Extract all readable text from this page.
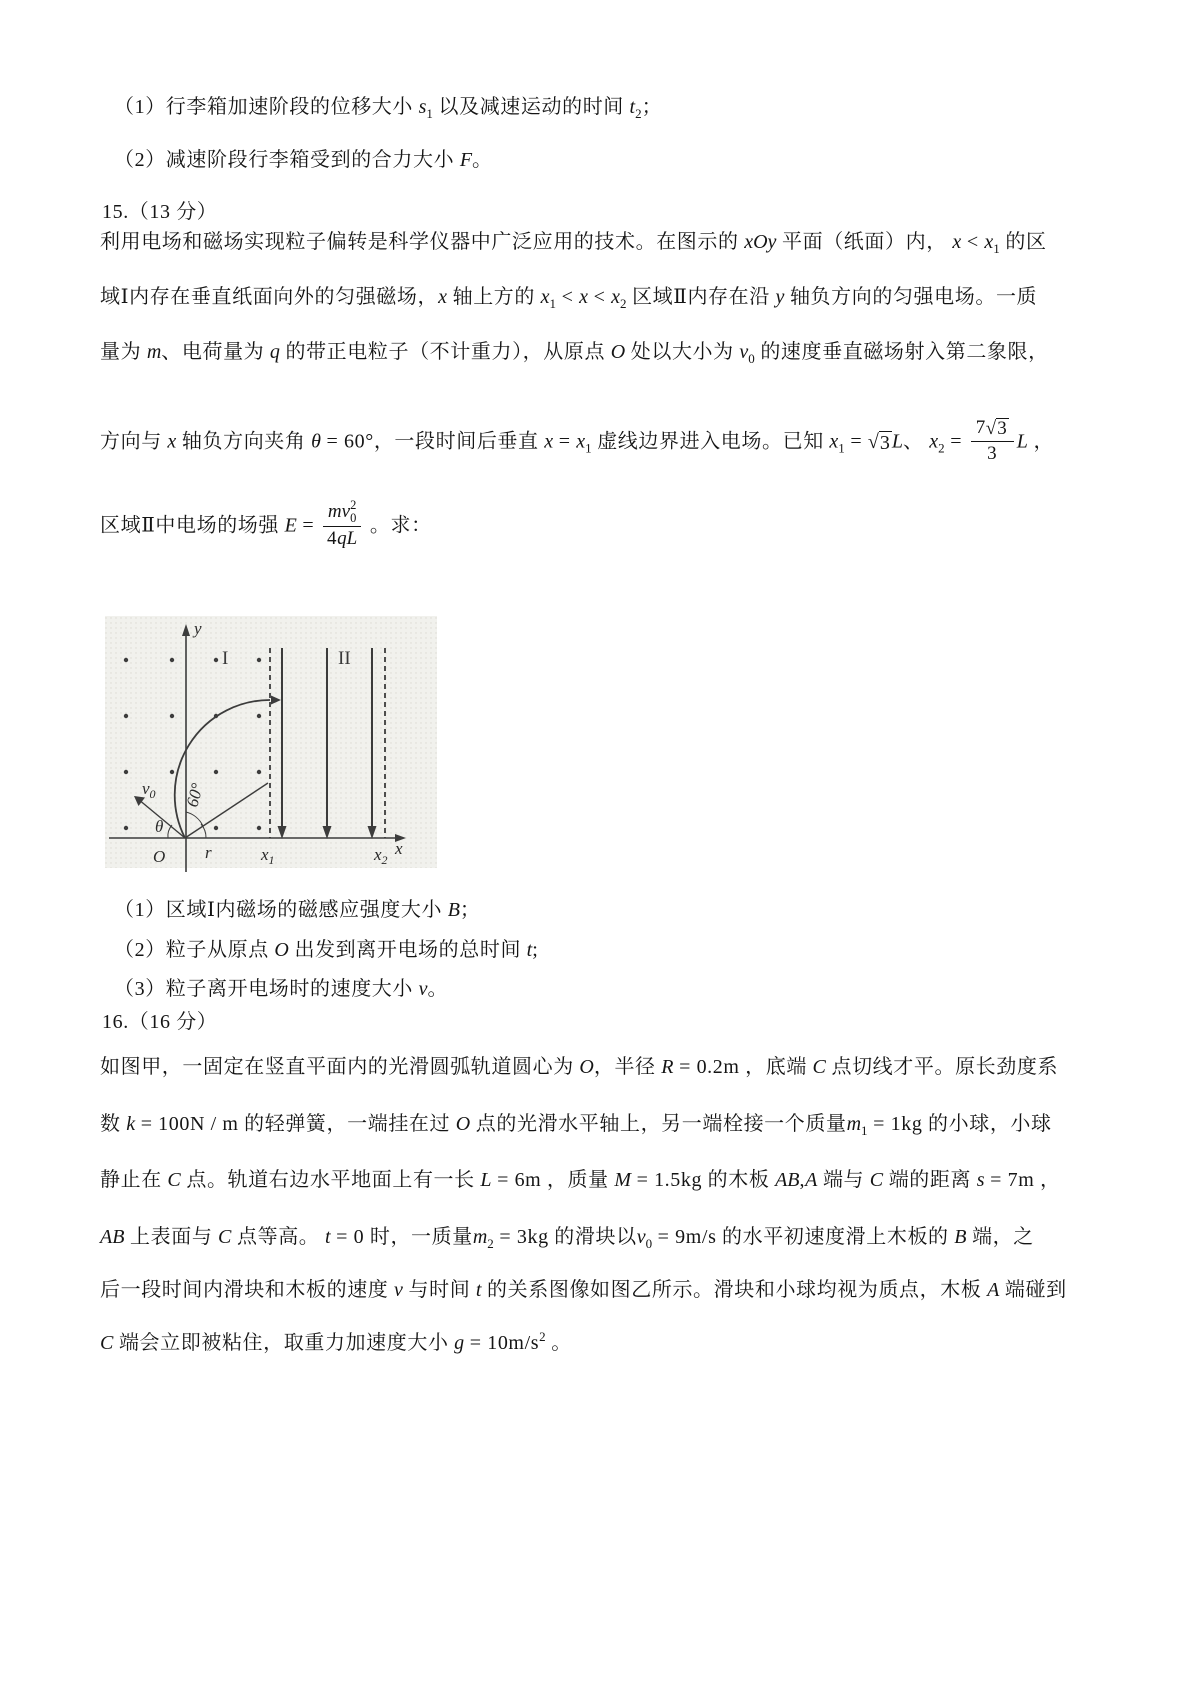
（1）行李箱加速阶段的位移大小 $s_1$ 以及减速运动的时间 $t_2$；
（2）减速阶段行李箱受到的合力大小 F。
15.（13 分）
利用电场和磁场实现粒子偏转是科学仪器中广泛应用的技术。在图示的 xOy 平面（纸面）内， $x < x_1$ 的区
域Ⅰ内存在垂直纸面向外的匀强磁场，x 轴上方的 $x_1 < x < x_2$ 区域Ⅱ内存在沿 y 轴负方向的匀强电场。一质
量为 m、电荷量为 q 的带正电粒子（不计重力），从原点 O 处以大小为 $v_0$ 的速度垂直磁场射入第二象限，
方向与 x 轴负方向夹角 θ = 60°，一段时间后垂直 $x = x_1$ 虚线边界进入电场。已知 $x_1$ = √ 3 L、 $x_2 = \frac{7 √ 3}{3}$ L ，
区域Ⅱ中电场的场强 E = mv 2
0
4qL 。求：
（1）区域Ⅰ内磁场的磁感应强度大小 B；
（2）粒子从原点 O 出发到离开电场的总时间 t;
（3）粒子离开电场时的速度大小 v。
16.（16 分）
如图甲，一固定在竖直平面内的光滑圆弧轨道圆心为 O，半径 R = 0.2m ，底端 C 点切线才平。原长劲度系
数 k = 100N / m 的轻弹簧，一端挂在过 O 点的光滑水平轴上，另一端栓接一个质量$m_1 = 1kg$ 的小球，小球
静止在 C 点。轨道右边水平地面上有一长 L = 6m ，质量 M = 1.5kg 的木板 AB,A 端与 C 端的距离 s = 7m ，
AB 上表面与 C 点等高。 t = 0 时，一质量$m_2 = 3kg$ 的滑块以$v_0 = 9m/s$ 的水平初速度滑上木板的 B 端，之
后一段时间内滑块和木板的速度 v 与时间 t 的关系图像如图乙所示。滑块和小球均视为质点，木板 A 端碰到
C 端会立即被粘住，取重力加速度大小 $g = 10m/s^2$ 。
y
x
I	II
O r	$x_1$	$x_2$
$v_0$
θ
60°
